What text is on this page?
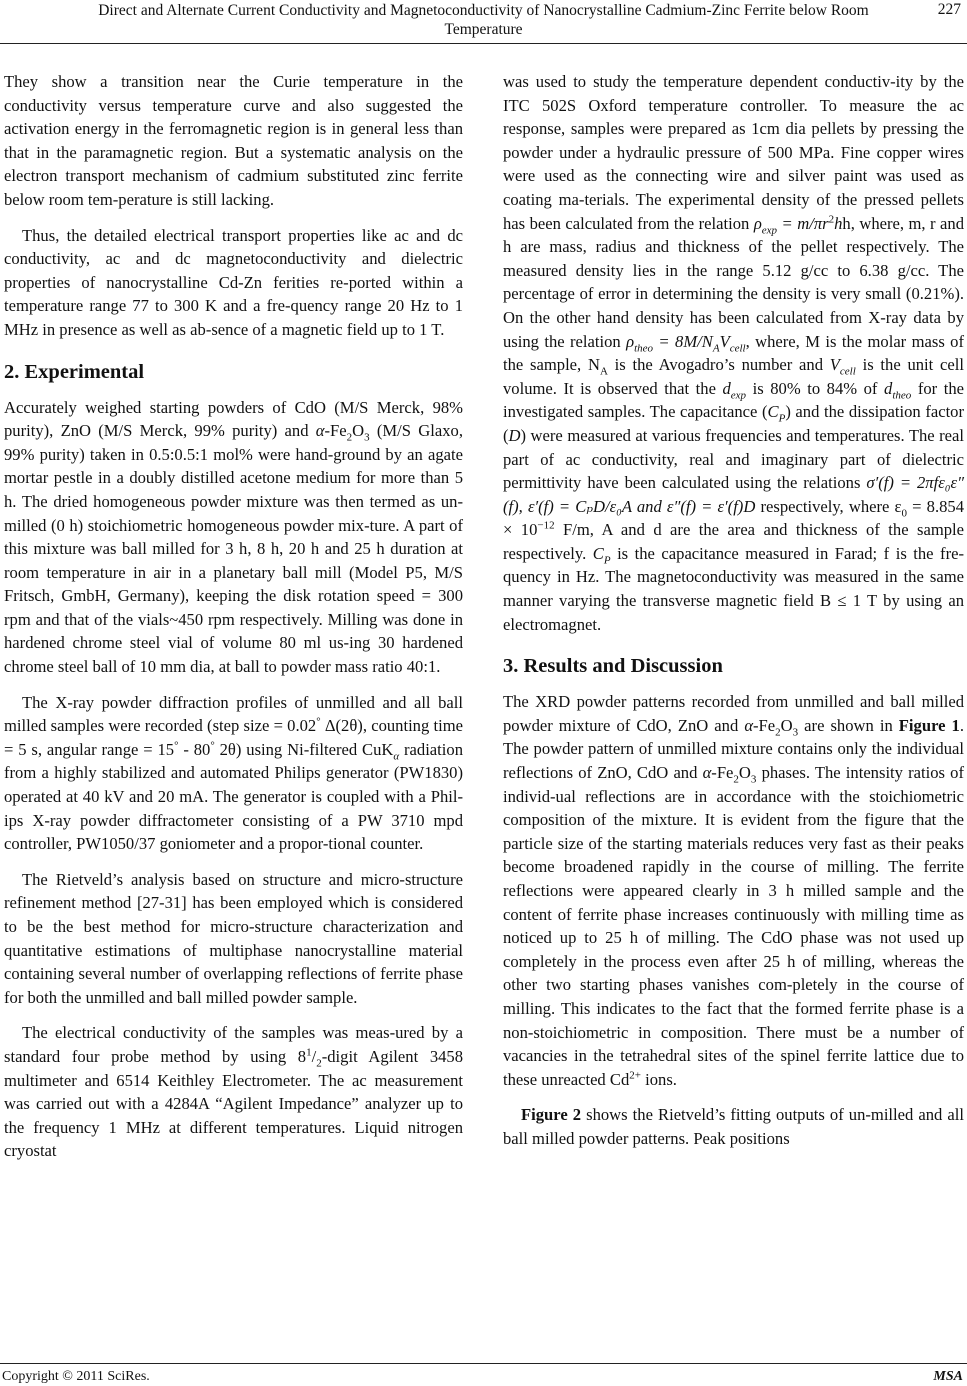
Direct and Alternate Current Conductivity and Magnetoconductivity of Nanocrystalline Cadmium-Zinc Ferrite below Room Temperature
227

They show a transition near the Curie temperature in the conductivity versus temperature curve and also suggested the activation energy in the ferromagnetic region is in general less than that in the paramagnetic region. But a systematic analysis on the electron transport mechanism of cadmium substituted zinc ferrite below room tem-perature is still lacking.

Thus, the detailed electrical transport properties like ac and dc conductivity, ac and dc magnetoconductivity and dielectric properties of nanocrystalline Cd-Zn ferities re-ported within a temperature range 77 to 300 K and a fre-quency range 20 Hz to 1 MHz in presence as well as ab-sence of a magnetic field up to 1 T.

2. Experimental

Accurately weighed starting powders of CdO (M/S Merck, 98% purity), ZnO (M/S Merck, 99% purity) and $\alpha-Fe_2O_3$ (M/S Glaxo, 99% purity) taken in 0.5:0.5:1 mol% were hand-ground by an agate mortar pestle in a doubly distilled acetone medium for more than 5 h. The dried homogeneous powder mixture was then termed as un-milled (0 h) stoichiometric homogeneous powder mix-ture. A part of this mixture was ball milled for 3 h, 8 h, 20 h and 25 h duration at room temperature in air in a planetary ball mill (Model P5, M/S Fritsch, GmbH, Germany), keeping the disk rotation speed = 300 rpm and that of the vials~450 rpm respectively. Milling was done in hardened chrome steel vial of volume 80 ml us-ing 30 hardened chrome steel ball of 10 mm dia, at ball to powder mass ratio 40:1.

The X-ray powder diffraction profiles of unmilled and all ball milled samples were recorded (step size = 0.02° Δ(2θ), counting time = 5 s, angular range = 15° - 80° 2θ) using Ni-filtered CuK$_\alpha$ radiation from a highly stabilized and automated Philips generator (PW1830) operated at 40 kV and 20 mA. The generator is coupled with a Phil-ips X-ray powder diffractometer consisting of a PW 3710 mpd controller, PW1050/37 goniometer and a propor-tional counter.

The Rietveld’s analysis based on structure and micro-structure refinement method [27-31] has been employed which is considered to be the best method for micro-structure characterization and quantitative estimations of multiphase nanocrystalline material containing several number of overlapping reflections of ferrite phase for both the unmilled and ball milled powder sample.

The electrical conductivity of the samples was meas-ured by a standard four probe method by using $8^1/_2$-digit Agilent 3458 multimeter and 6514 Keithley Electrometer. The ac measurement was carried out with a 4284A “Agilent Impedance” analyzer up to the frequency 1 MHz at different temperatures. Liquid nitrogen cryostat

was used to study the temperature dependent conductiv-ity by the ITC 502S Oxford temperature controller. To measure the ac response, samples were prepared as 1cm dia pellets by pressing the powder under a hydraulic pressure of 500 MPa. Fine copper wires were used as the connecting wire and silver paint was used as coating ma-terials. The experimental density of the pressed pellets has been calculated from the relation $\rho_{exp} = m/\pi r^2hh$, where, m, r and h are mass, radius and thickness of the pellet respectively. The measured density lies in the range 5.12 g/cc to 6.38 g/cc. The percentage of error in determining the density is very small (0.21%). On the other hand density has been calculated from X-ray data by using the relation $\rho_{theo} = 8M/N_AV_{cell}$, where, M is the molar mass of the sample, $N_A$ is the Avogadro’s number and $V_{cell}$ is the unit cell volume. It is observed that the $d_{exp}$ is 80% to 84% of $d_{theo}$ for the investigated samples. The capacitance $(C_P)$ and the dissipation factor (D) were measured at various frequencies and temperatures. The real part of ac conductivity, real and imaginary part of dielectric permittivity have been calculated using the relations σ′(f) = 2πfε₀ε″(f), ε′(f) = CₚD/ε₀A and ε″(f) = ε′(f)D respectively, where $\varepsilon_0 = 8.854 \times 10^{-12}$ F/m, A and d are the area and thickness of the sample respectively. $C_P$ is the capacitance measured in Farad; f is the fre-quency in Hz. The magnetoconductivity was measured in the same manner varying the transverse magnetic field B ≤ 1 T by using an electromagnet.

3. Results and Discussion

The XRD powder patterns recorded from unmilled and ball milled powder mixture of CdO, ZnO and $\alpha-Fe_2O_3$ are shown in Figure 1. The powder pattern of unmilled mixture contains only the individual reflections of ZnO, CdO and $\alpha-Fe_2O_3$ phases. The intensity ratios of individ-ual reflections are in accordance with the stoichiometric composition of the mixture. It is evident from the figure that the particle size of the starting materials reduces very fast as their peaks become broadened rapidly in the course of milling. The ferrite reflections were appeared clearly in 3 h milled sample and the content of ferrite phase increases continuously with milling time as noticed up to 25 h of milling. The CdO phase was not used up completely in the process even after 25 h of milling, whereas the other two starting phases vanishes com-pletely in the course of milling. This indicates to the fact that the formed ferrite phase is a non-stoichiometric in composition. There must be a number of vacancies in the tetrahedral sites of the spinel ferrite lattice due to these unreacted $Cd^{2+}$ ions.

Figure 2 shows the Rietveld’s fitting outputs of un-milled and all ball milled powder patterns. Peak positions

Copyright © 2011 SciRes.	MSA
